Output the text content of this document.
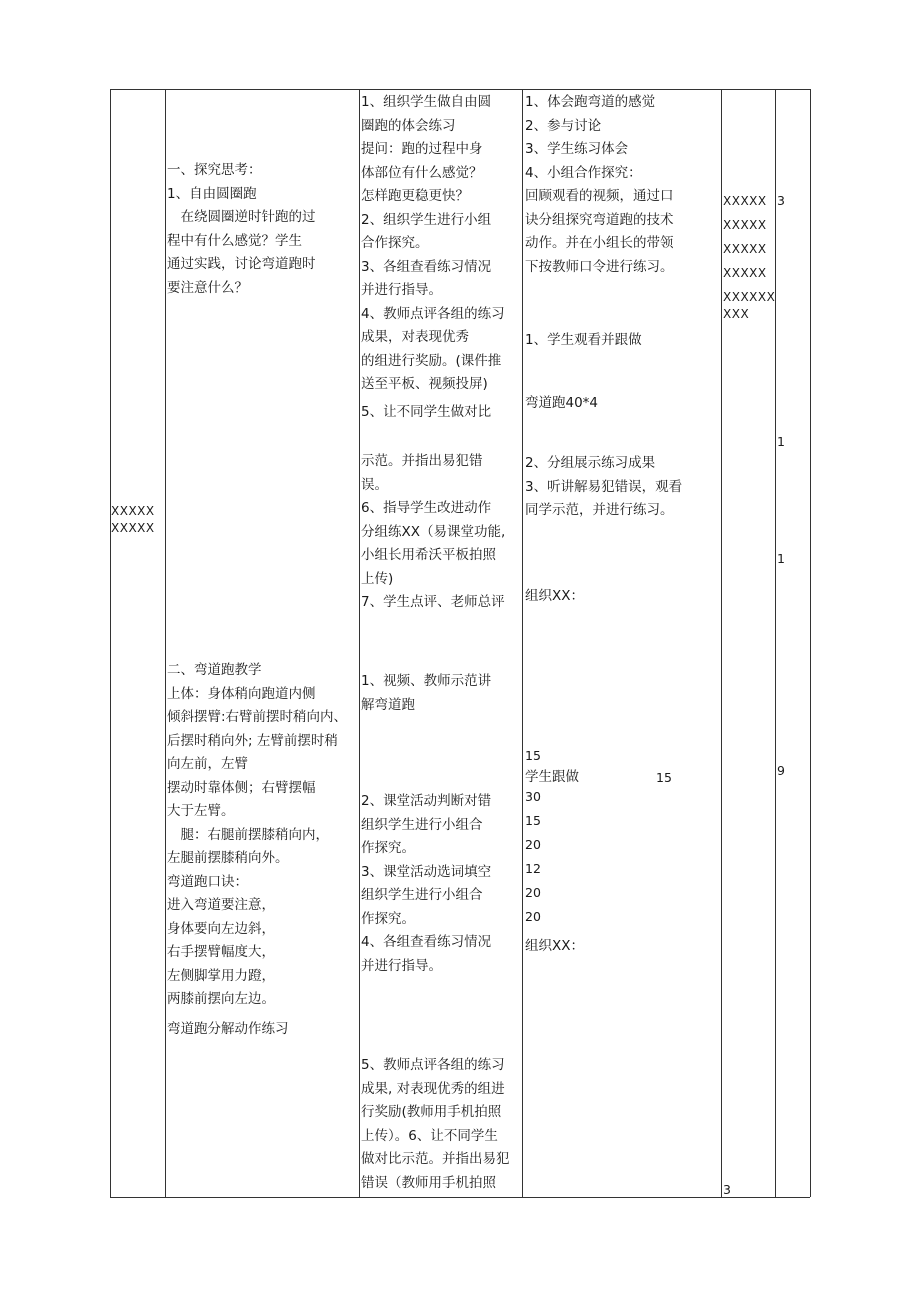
XXXXX
XXXXX
一、探究思考：
1、自由圆圈跑
　在绕圆圈逆时针跑的过
程中有什么感觉？学生
通过实践，讨论弯道跑时
要注意什么？
二、弯道跑教学
上体：身体稍向跑道内侧
倾斜摆臂:右臂前摆时稍向内、
后摆时稍向外; 左臂前摆时稍
向左前，左臂
摆动时靠体侧；右臂摆幅
大于左臂。
　腿：右腿前摆膝稍向内，
左腿前摆膝稍向外。
弯道跑口诀：
进入弯道要注意，
身体要向左边斜，
右手摆臂幅度大，
左侧脚掌用力蹬，
两膝前摆向左边。
弯道跑分解动作练习
1、组织学生做自由圆
圈跑的体会练习
提问：跑的过程中身
体部位有什么感觉？
怎样跑更稳更快？
2、组织学生进行小组
合作探究。
3、各组查看练习情况
并进行指导。
4、教师点评各组的练习
成果，对表现优秀
的组进行奖励。(课件推
送至平板、视频投屏)
5、让不同学生做对比
示范。并指出易犯错
误。
6、指导学生改进动作
分组练XX（易课堂功能,
小组长用希沃平板拍照
上传)
7、学生点评、老师总评
1、视频、教师示范讲
解弯道跑
2、课堂活动判断对错
组织学生进行小组合
作探究。
3、课堂活动选词填空
组织学生进行小组合
作探究。
4、各组查看练习情况
并进行指导。
5、教师点评各组的练习
成果, 对表现优秀的组进
行奖励(教师用手机拍照
上传）。6、让不同学生
做对比示范。并指出易犯
错误（教师用手机拍照
1、体会跑弯道的感觉
2、参与讨论
3、学生练习体会
4、小组合作探究：
回顾观看的视频，通过口
诀分组探究弯道跑的技术
动作。并在小组长的带领
下按教师口令进行练习。
1、学生观看并跟做
弯道跑40*4
2、分组展示练习成果
3、听讲解易犯错误，观看
同学示范，并进行练习。
组织XX：
15
学生跟做	15
30
15
20
12
20
20
组织XX：
XXXXX
XXXXX
XXXXX
XXXXX
XXXXXX
XXX
3
3
1
1
9
